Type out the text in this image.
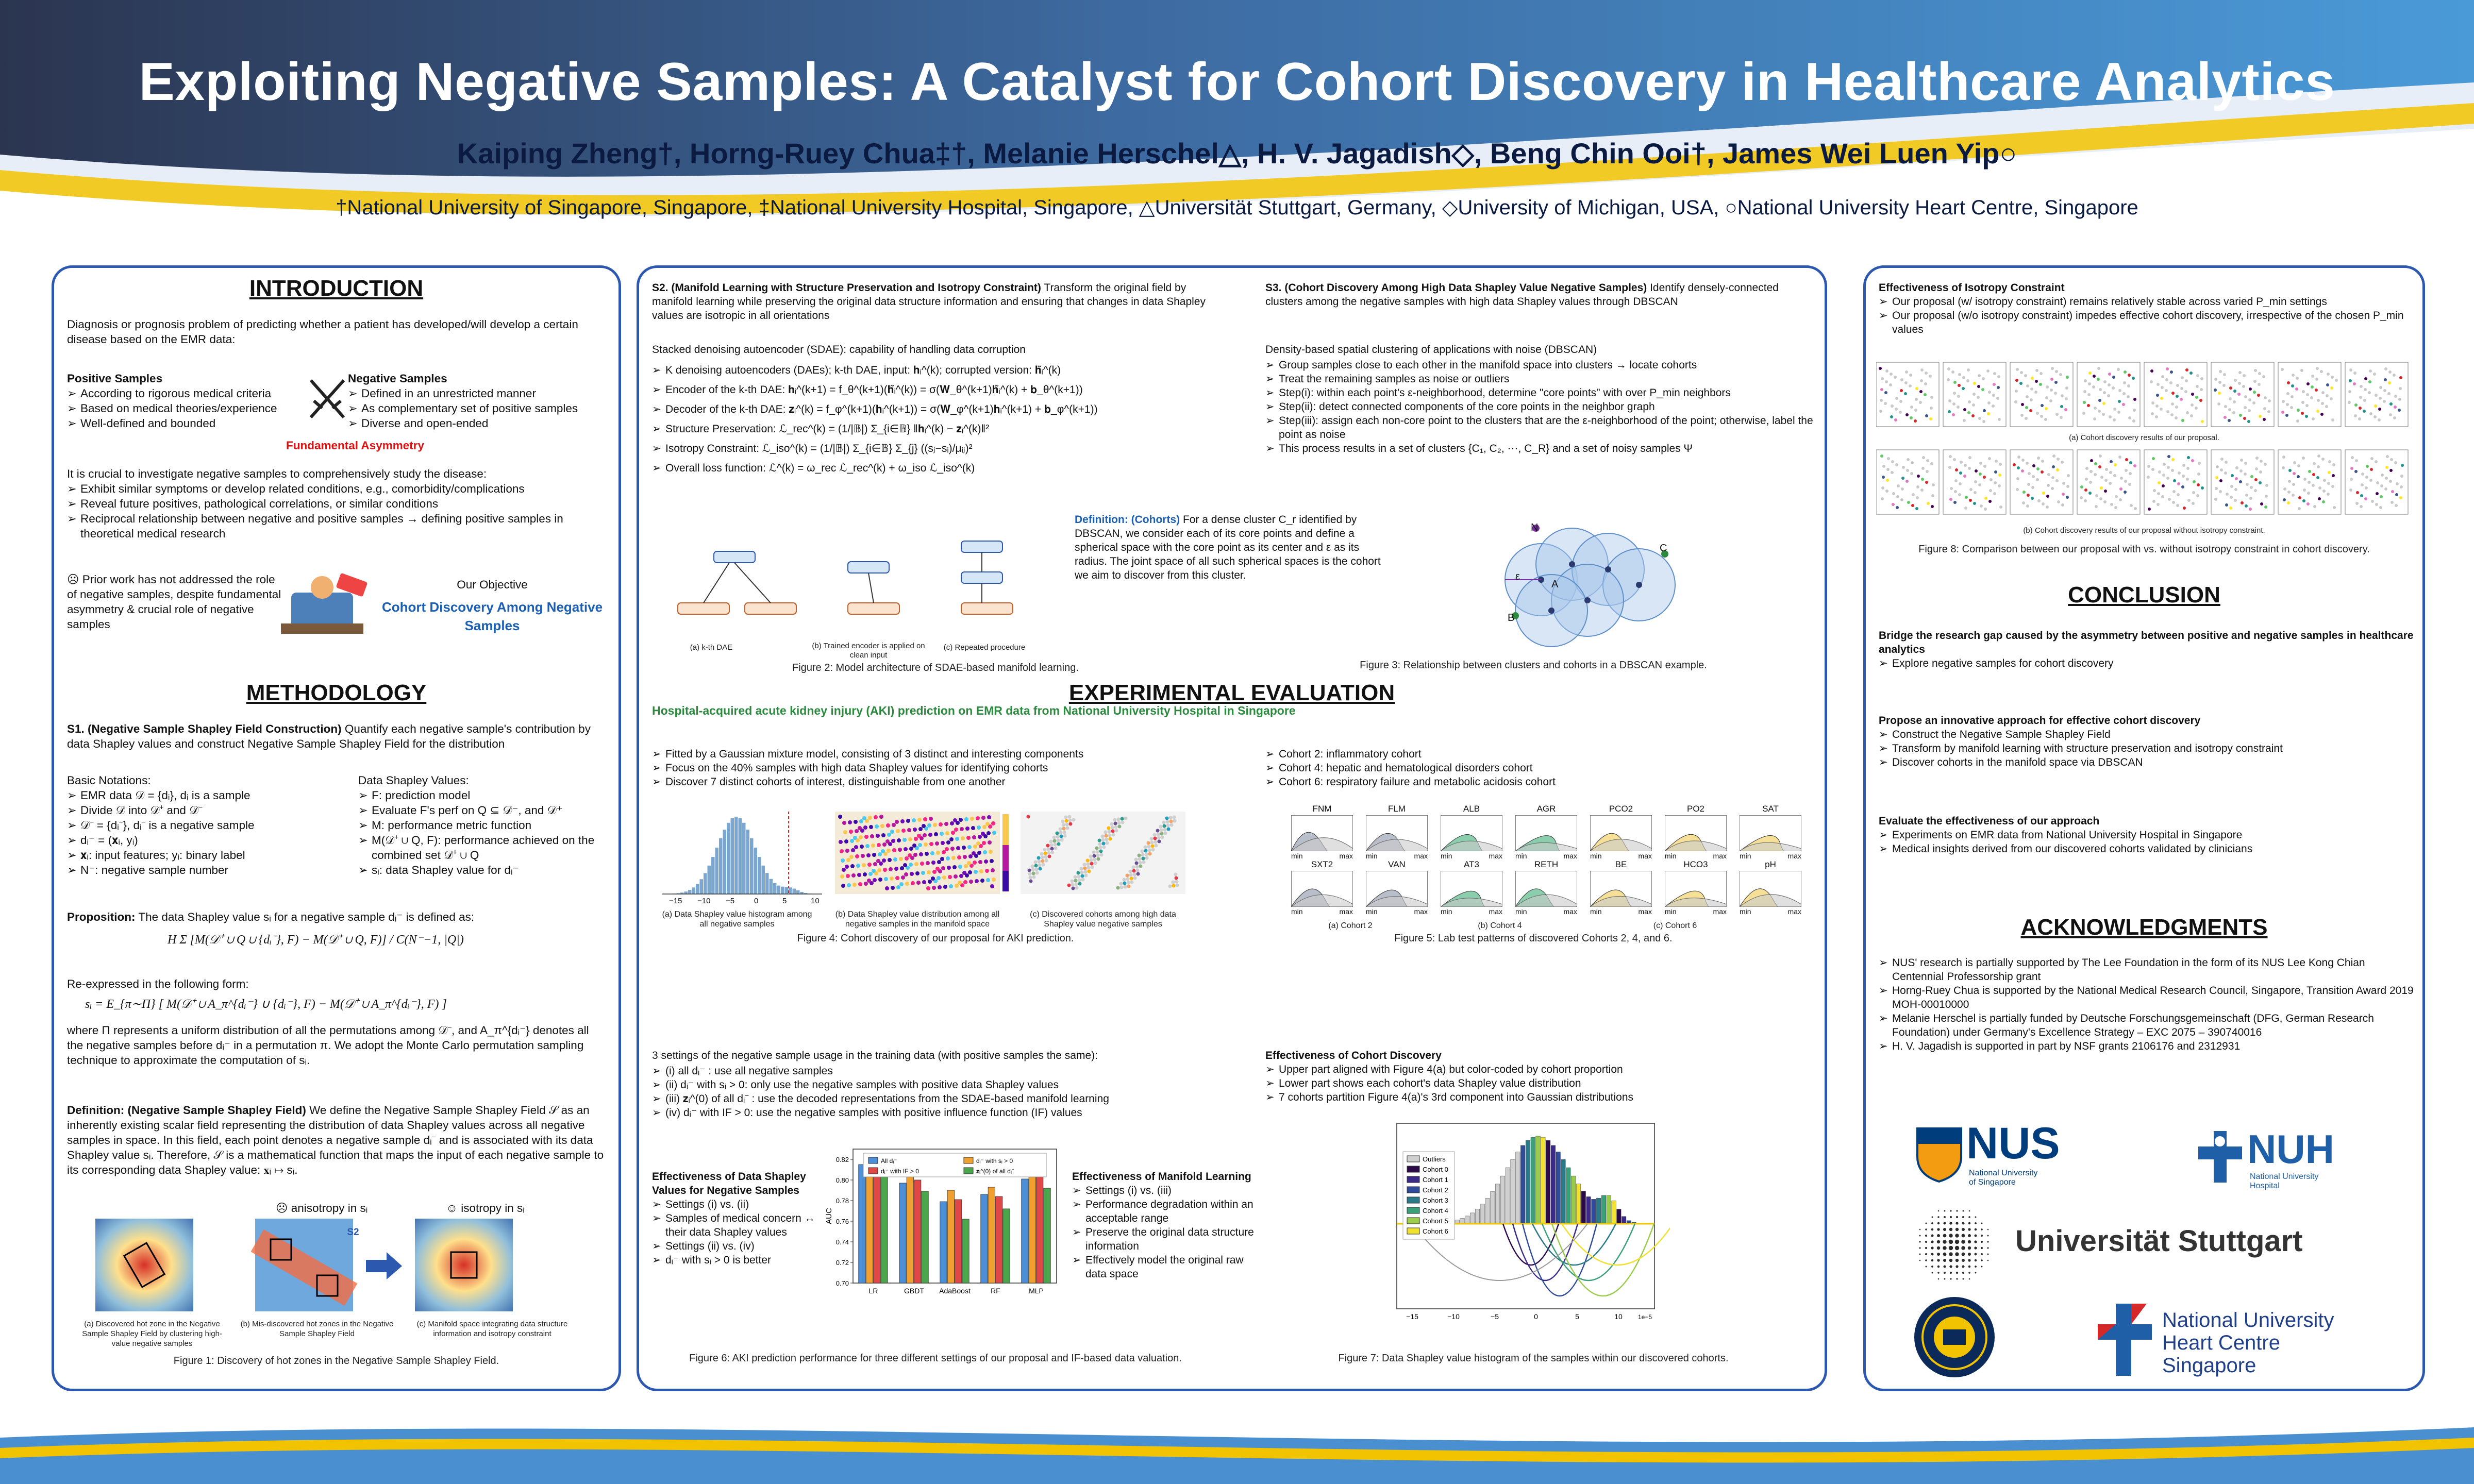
Exploiting Negative Samples: A Catalyst for Cohort Discovery in Healthcare Analytics
Kaiping Zheng†, Horng-Ruey Chua‡†, Melanie Herschel△, H. V. Jagadish◇, Beng Chin Ooi†, James Wei Luen Yip○
†National University of Singapore, Singapore, ‡National University Hospital, Singapore, △Universität Stuttgart, Germany, ◇University of Michigan, USA, ○National University Heart Centre, Singapore
INTRODUCTION
Diagnosis or prognosis problem of predicting whether a patient has developed/will develop a certain disease based on the EMR data:
Positive Samples
➢ According to rigorous medical criteria
➢ Based on medical theories/experience
➢ Well-defined and bounded
Negative Samples
➢ Defined in an unrestricted manner
➢ As complementary set of positive samples
➢ Diverse and open-ended
Fundamental Asymmetry
It is crucial to investigate negative samples to comprehensively study the disease:
➢ Exhibit similar symptoms or develop related conditions, e.g., comorbidity/complications
➢ Reveal future positives, pathological correlations, or similar conditions
➢ Reciprocal relationship between negative and positive samples → defining positive samples in theoretical medical research
☹ Prior work has not addressed the role of negative samples, despite fundamental asymmetry & crucial role of negative samples
Our Objective
Cohort Discovery Among Negative Samples
METHODOLOGY
S1. (Negative Sample Shapley Field Construction) Quantify each negative sample's contribution by data Shapley values and construct Negative Sample Shapley Field for the distribution
Basic Notations:
➢ EMR data 𝒟 = {dᵢ}, dᵢ is a sample
➢ Divide 𝒟 into 𝒟⁺ and 𝒟⁻
➢ 𝒟⁻ = {dᵢ⁻}, dᵢ⁻ is a negative sample
➢ dᵢ⁻ = (𝐱ᵢ, yᵢ)
➢ 𝐱ᵢ: input features; yᵢ: binary label
➢ N⁻: negative sample number
Data Shapley Values:
➢ F: prediction model
➢ Evaluate F's perf on Q ⊆ 𝒟⁻, and 𝒟⁺
➢ M: performance metric function
➢ M(𝒟⁺ ∪ Q, F): performance achieved on the combined set 𝒟⁺ ∪ Q
➢ sᵢ: data Shapley value for dᵢ⁻
Proposition: The data Shapley value sᵢ for a negative sample dᵢ⁻ is defined as:
H Σ [M(𝒟⁺ ∪ Q ∪ {dᵢ⁻}, F) − M(𝒟⁺ ∪ Q, F)] / C(N⁻−1, |Q|)
Re-expressed in the following form:
sᵢ = E_{π∼Π} [ M(𝒟⁺ ∪ A_π^{dᵢ⁻} ∪ {dᵢ⁻}, F) − M(𝒟⁺ ∪ A_π^{dᵢ⁻}, F) ]
where Π represents a uniform distribution of all the permutations among 𝒟⁻, and A_π^{dᵢ⁻} denotes all the negative samples before dᵢ⁻ in a permutation π. We adopt the Monte Carlo permutation sampling technique to approximate the computation of sᵢ.
Definition: (Negative Sample Shapley Field) We define the Negative Sample Shapley Field 𝒮 as an inherently existing scalar field representing the distribution of data Shapley values across all negative samples in space. In this field, each point denotes a negative sample dᵢ⁻ and is associated with its data Shapley value sᵢ. Therefore, 𝒮 is a mathematical function that maps the input of each negative sample to its corresponding data Shapley value: 𝐱ᵢ ↦ sᵢ.
☹ anisotropy in sᵢ	☺ isotropy in sᵢ
S2
(a) Discovered hot zone in the Negative Sample Shapley Field by clustering high-value negative samples
(b) Mis-discovered hot zones in the Negative Sample Shapley Field
(c) Manifold space integrating data structure information and isotropy constraint
Figure 1: Discovery of hot zones in the Negative Sample Shapley Field.
S2. (Manifold Learning with Structure Preservation and Isotropy Constraint) Transform the original field by manifold learning while preserving the original data structure information and ensuring that changes in data Shapley values are isotropic in all orientations
Stacked denoising autoencoder (SDAE): capability of handling data corruption
➢ K denoising autoencoders (DAEs); k-th DAE, input: 𝐡ᵢ^(k); corrupted version: 𝐡̃ᵢ^(k)
➢ Encoder of the k-th DAE: 𝐡ᵢ^(k+1) = f_θ^(k+1)(𝐡̃ᵢ^(k)) = σ(𝐖_θ^(k+1)𝐡̃ᵢ^(k) + 𝐛_θ^(k+1))
➢ Decoder of the k-th DAE: 𝐳ᵢ^(k) = f_φ^(k+1)(𝐡ᵢ^(k+1)) = σ(𝐖_φ^(k+1)𝐡ᵢ^(k+1) + 𝐛_φ^(k+1))
➢ Structure Preservation: ℒ_rec^(k) = (1/|𝔹|) Σ_{i∈𝔹} ‖𝐡ᵢ^(k) − 𝐳ᵢ^(k)‖²
➢ Isotropy Constraint: ℒ_iso^(k) = (1/|𝔹|) Σ_{i∈𝔹} Σ_{j} ((sⱼ−sᵢ)/μᵢⱼ)²
➢ Overall loss function: ℒ^(k) = ω_rec ℒ_rec^(k) + ω_iso ℒ_iso^(k)
(a) k-th DAE	(b) Trained encoder is applied on clean input
(c) Repeated procedure
Figure 2: Model architecture of SDAE-based manifold learning.
S3. (Cohort Discovery Among High Data Shapley Value Negative Samples) Identify densely-connected clusters among the negative samples with high data Shapley values through DBSCAN
Density-based spatial clustering of applications with noise (DBSCAN)
➢ Group samples close to each other in the manifold space into clusters → locate cohorts
➢ Treat the remaining samples as noise or outliers
➢ Step(i): within each point's ε-neighborhood, determine "core points" with over P_min neighbors
➢ Step(ii): detect connected components of the core points in the neighbor graph
➢ Step(iii): assign each non-core point to the clusters that are the ε-neighborhood of the point; otherwise, label the point as noise
➢ This process results in a set of clusters {C₁, C₂, ⋯, C_R} and a set of noisy samples Ψ
Definition: (Cohorts) For a dense cluster C_r identified by DBSCAN, we consider each of its core points and define a spherical space with the core point as its center and ε as its radius. The joint space of all such spherical spaces is the cohort we aim to discover from this cluster.
N
ε
A
B
C
Figure 3: Relationship between clusters and cohorts in a DBSCAN example.
EXPERIMENTAL EVALUATION
Hospital-acquired acute kidney injury (AKI) prediction on EMR data from National University Hospital in Singapore
➢ Fitted by a Gaussian mixture model, consisting of 3 distinct and interesting components
➢ Focus on the 40% samples with high data Shapley values for identifying cohorts
➢ Discover 7 distinct cohorts of interest, distinguishable from one another
−15 −10 −5	0	5	10
(a) Data Shapley value histogram among all negative samples
(b) Data Shapley value distribution among all negative samples in the manifold space
(c) Discovered cohorts among high data Shapley value negative samples
Figure 4: Cohort discovery of our proposal for AKI prediction.
➢ Cohort 2: inflammatory cohort
➢ Cohort 4: hepatic and hematological disorders cohort
➢ Cohort 6: respiratory failure and metabolic acidosis cohort
FNM
min	max
FLM
min	max
ALB
min	max
AGR
min	max
PCO2
min	max
PO2
min	max
SAT
min	max
SXT2
min	max
VAN
min	max
AT3
min	max
RETH
min	max
BE
min	max
HCO3
min	max
pH
min	max
(a) Cohort 2	(b) Cohort 4	(c) Cohort 6
Figure 5: Lab test patterns of discovered Cohorts 2, 4, and 6.
3 settings of the negative sample usage in the training data (with positive samples the same):
➢ (i) all dᵢ⁻ : use all negative samples
➢ (ii) dᵢ⁻ with sᵢ > 0: only use the negative samples with positive data Shapley values
➢ (iii) 𝐳ᵢ^(0) of all dᵢ⁻ : use the decoded representations from the SDAE-based manifold learning
➢ (iv) dᵢ⁻ with IF > 0: use the negative samples with positive influence function (IF) values
Effectiveness of Data Shapley Values for Negative Samples
➢ Settings (i) vs. (ii)
➢ Samples of medical concern ↔ their data Shapley values
➢ Settings (ii) vs. (iv)
➢ dᵢ⁻ with sᵢ > 0 is better
0.70
0.72
0.74
0.76
0.78
0.80
0.82
AUC
LR	GBDT AdaBoost	RF	MLP
All dᵢ⁻	dᵢ⁻ with sᵢ > 0
dᵢ⁻ with IF > 0	𝐳ᵢ^(0) of all dᵢ⁻	Effectiveness of Manifold Learning
➢ Settings (i) vs. (iii)
➢ Performance degradation within an acceptable range
➢ Preserve the original data structure information
➢ Effectively model the original raw data space
Figure 6: AKI prediction performance for three different settings of our proposal and IF-based data valuation.
Effectiveness of Cohort Discovery
➢ Upper part aligned with Figure 4(a) but color-coded by cohort proportion
➢ Lower part shows each cohort's data Shapley value distribution
➢ 7 cohorts partition Figure 4(a)'s 3rd component into Gaussian distributions
Outliers
Cohort 0
Cohort 1
Cohort 2
Cohort 3
Cohort 4
Cohort 5
Cohort 6
−15	−10	−5	0	5	10	1e−5
Figure 7: Data Shapley value histogram of the samples within our discovered cohorts.
Effectiveness of Isotropy Constraint
➢ Our proposal (w/ isotropy constraint) remains relatively stable across varied P_min settings
➢ Our proposal (w/o isotropy constraint) impedes effective cohort discovery, irrespective of the chosen P_min values
(a) Cohort discovery results of our proposal.
(b) Cohort discovery results of our proposal without isotropy constraint.
Figure 8: Comparison between our proposal with vs. without isotropy constraint in cohort discovery.
CONCLUSION
Bridge the research gap caused by the asymmetry between positive and negative samples in healthcare analytics
➢ Explore negative samples for cohort discovery
Propose an innovative approach for effective cohort discovery
➢ Construct the Negative Sample Shapley Field
➢ Transform by manifold learning with structure preservation and isotropy constraint
➢ Discover cohorts in the manifold space via DBSCAN
Evaluate the effectiveness of our approach
➢ Experiments on EMR data from National University Hospital in Singapore
➢ Medical insights derived from our discovered cohorts validated by clinicians
ACKNOWLEDGMENTS
➢ NUS' research is partially supported by The Lee Foundation in the form of its NUS Lee Kong Chian Centennial Professorship grant
➢ Horng-Ruey Chua is supported by the National Medical Research Council, Singapore, Transition Award 2019 MOH-00010000
➢ Melanie Herschel is partially funded by Deutsche Forschungsgemeinschaft (DFG, German Research Foundation) under Germany's Excellence Strategy – EXC 2075 – 390740016
➢ H. V. Jagadish is supported in part by NSF grants 2106176 and 2312931
NUS
National University of Singapore
NUH
National University Hospital
Universität Stuttgart
National University Heart Centre Singapore
